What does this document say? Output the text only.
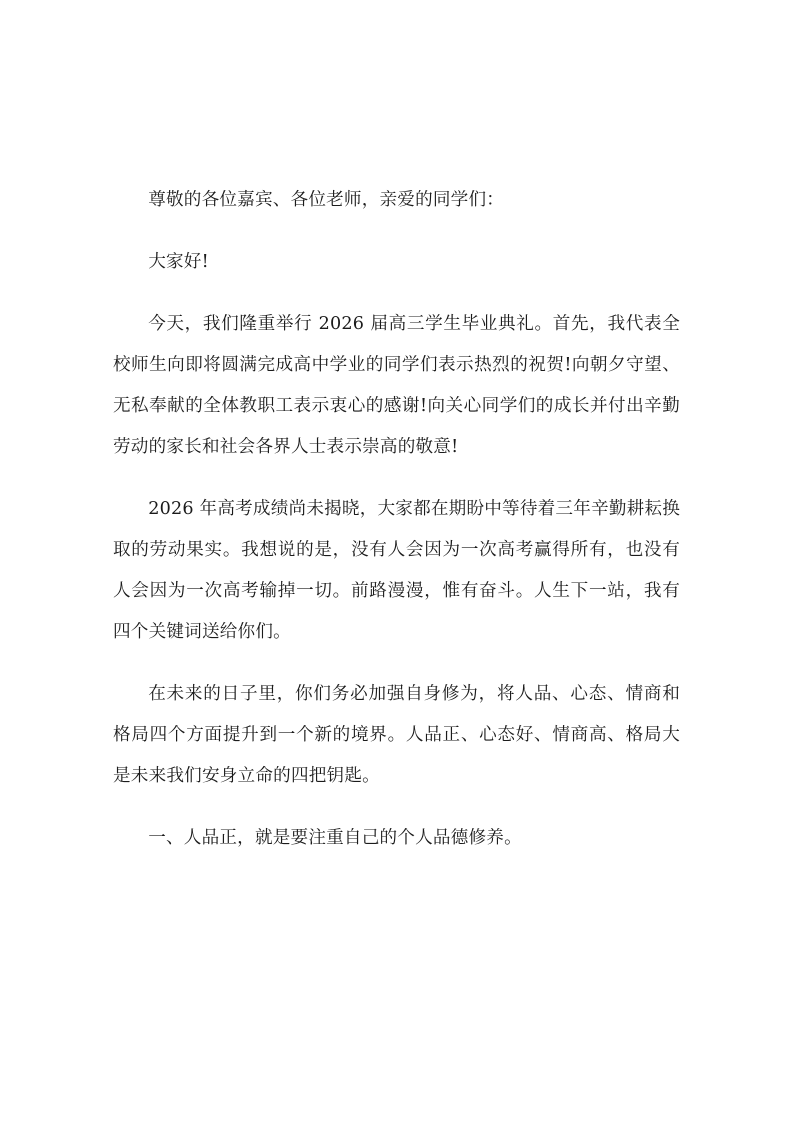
尊敬的各位嘉宾、各位老师，亲爱的同学们：

大家好!

今天，我们隆重举行 2026 届高三学生毕业典礼。首先，我代表全校师生向即将圆满完成高中学业的同学们表示热烈的祝贺!向朝夕守望、无私奉献的全体教职工表示衷心的感谢!向关心同学们的成长并付出辛勤劳动的家长和社会各界人士表示崇高的敬意!

2026 年高考成绩尚未揭晓，大家都在期盼中等待着三年辛勤耕耘换取的劳动果实。我想说的是，没有人会因为一次高考赢得所有，也没有人会因为一次高考输掉一切。前路漫漫，惟有奋斗。人生下一站，我有四个关键词送给你们。

在未来的日子里，你们务必加强自身修为，将人品、心态、情商和格局四个方面提升到一个新的境界。人品正、心态好、情商高、格局大是未来我们安身立命的四把钥匙。

一、人品正，就是要注重自己的个人品德修养。
